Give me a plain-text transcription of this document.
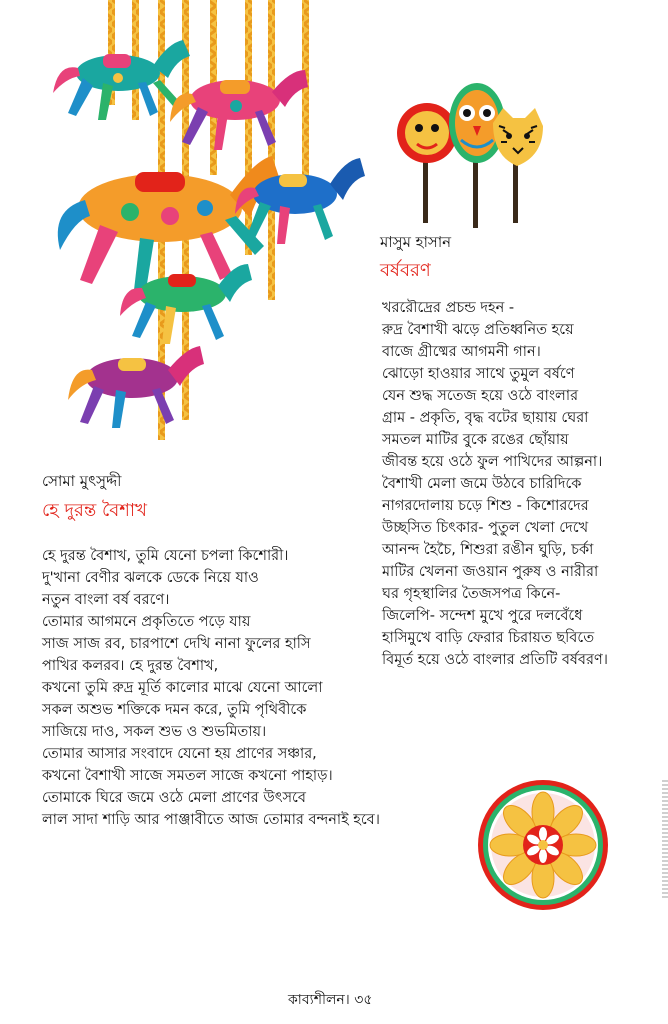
মাসুম হাসান
বর্ষবরণ
খররৌদ্রের প্রচন্ড দহন -
রুদ্র বৈশাখী ঝড়ে প্রতিধ্বনিত হয়ে
বাজে গ্রীষ্মের আগমনী গান।
ঝোড়ো হাওয়ার সাথে তুমুল বর্ষণে
যেন শুদ্ধ সতেজ হয়ে ওঠে বাংলার
গ্রাম - প্রকৃতি, বৃদ্ধ বটের ছায়ায় ঘেরা
সমতল মাটির বুকে রঙের ছোঁয়ায়
জীবন্ত হয়ে ওঠে ফুল পাখিদের আল্পনা।
বৈশাখী মেলা জমে উঠবে চারিদিকে
নাগরদোলায় চড়ে শিশু - কিশোরদের
উচ্ছসিত চিৎকার- পুতুল খেলা দেখে
আনন্দ হৈচৈ, শিশুরা রঙীন ঘুড়ি, চর্কা
মাটির খেলনা জওয়ান পুরুষ ও নারীরা
ঘর গৃহস্থালির তৈজসপত্র কিনে-
জিলেপি- সন্দেশ মুখে পুরে দলবেঁধে
হাসিমুখে বাড়ি ফেরার চিরায়ত ছবিতে
বিমূর্ত হয়ে ওঠে বাংলার প্রতিটি বর্ষবরণ।
সোমা মুৎসুদ্দী
হে দুরন্ত বৈশাখ
হে দুরন্ত বৈশাখ, তুমি যেনো চপলা কিশোরী।
দু'খানা বেণীর ঝলকে ডেকে নিয়ে যাও
নতুন বাংলা বর্ষ বরণে।
তোমার আগমনে প্রকৃতিতে পড়ে যায়
সাজ সাজ রব, চারপাশে দেখি নানা ফুলের হাসি
পাখির কলরব। হে দুরন্ত বৈশাখ,
কখনো তুমি রুদ্র মূর্তি কালোর মাঝে যেনো আলো
সকল অশুভ শক্তিকে দমন করে, তুমি পৃথিবীকে
সাজিয়ে দাও, সকল শুভ ও শুভমিতায়।
তোমার আসার সংবাদে যেনো হয় প্রাণের সঞ্চার,
কখনো বৈশাখী সাজে সমতল সাজে কখনো পাহাড়।
তোমাকে ঘিরে জমে ওঠে মেলা প্রাণের উৎসবে
লাল সাদা শাড়ি আর পাঞ্জাবীতে আজ তোমার বন্দনাই হবে।
কাব্যশীলন। ৩৫
